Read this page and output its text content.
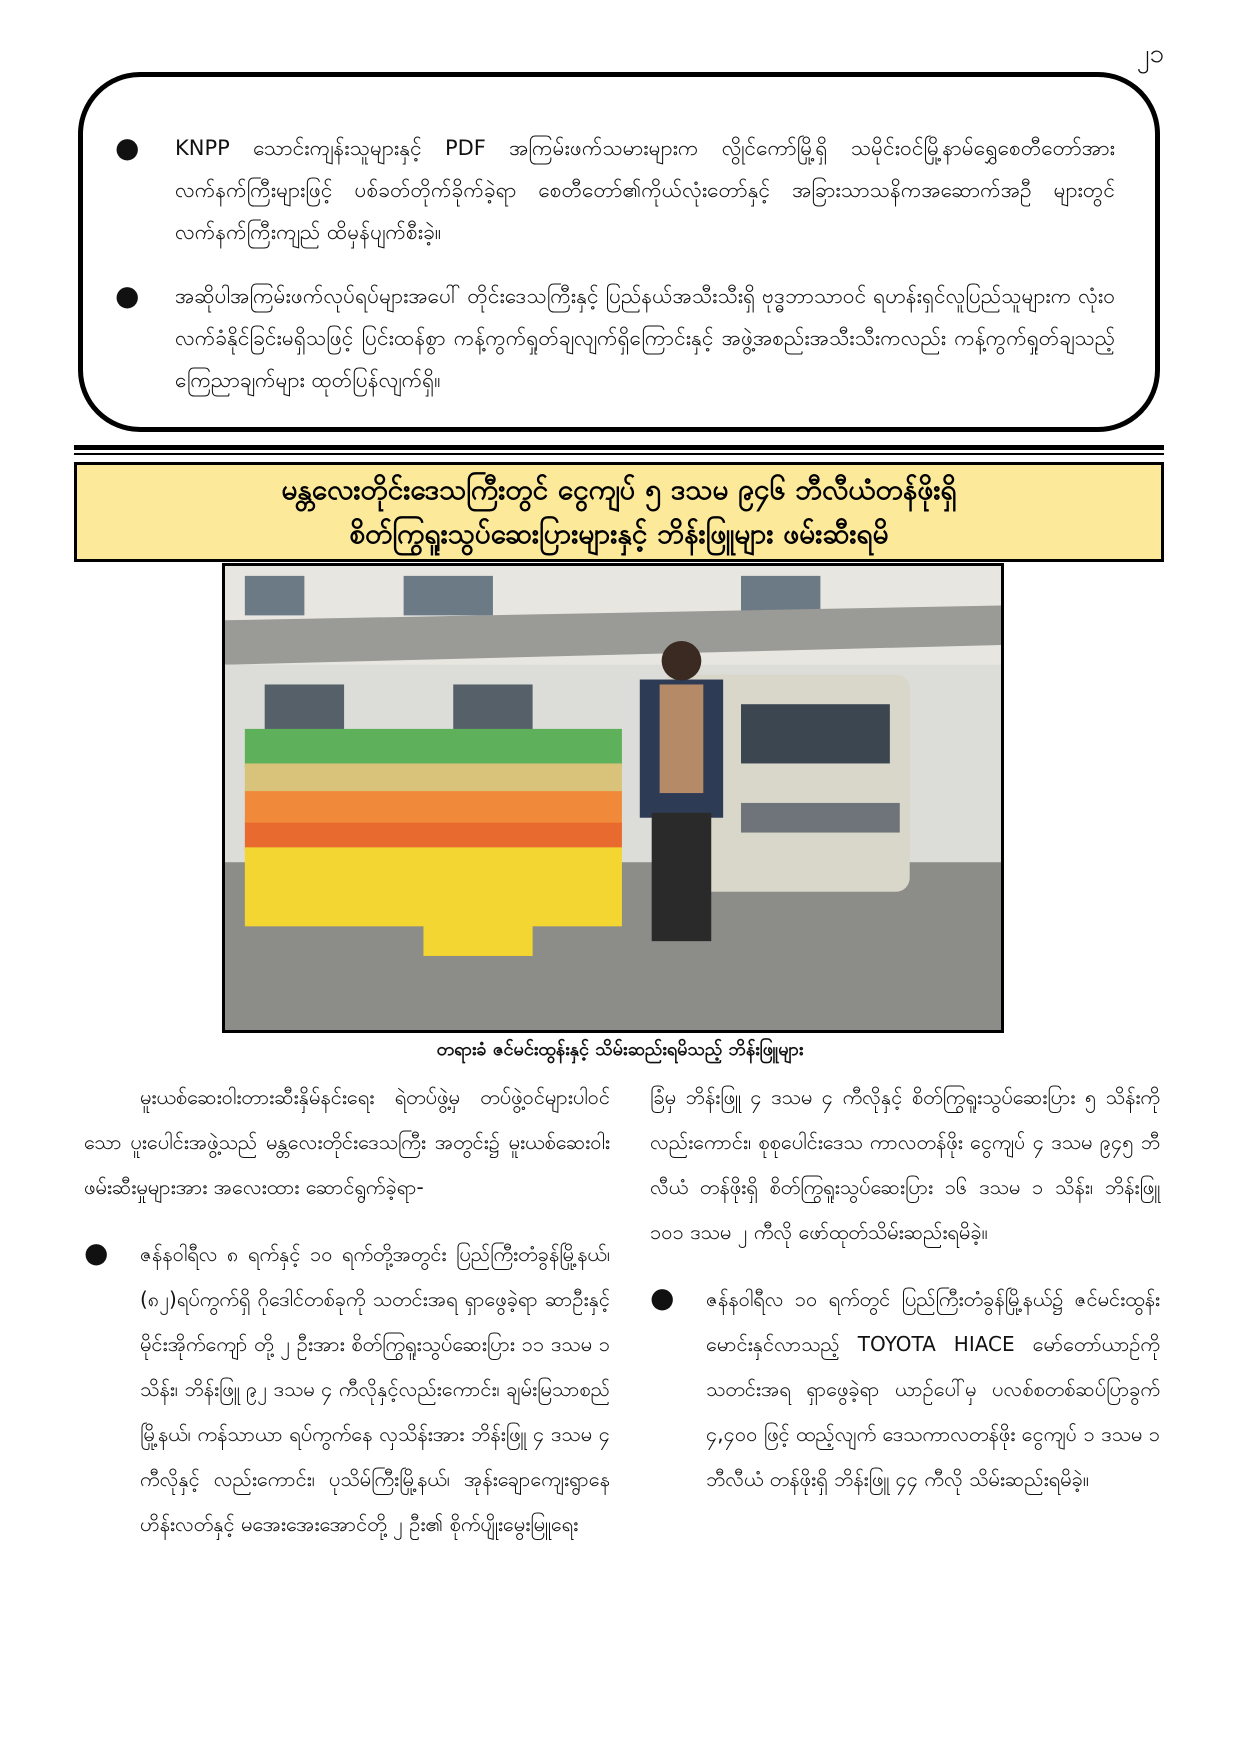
၂၁
● KNPP သောင်းကျန်းသူများနှင့် PDF အကြမ်းဖက်သမားများက လွိုင်ကော်မြို့ရှိ သမိုင်းဝင်မြို့နာမ်ရွှေစေတီတော်အား လက်နက်ကြီးများဖြင့် ပစ်ခတ်တိုက်ခိုက်ခဲ့ရာ စေတီတော်၏ကိုယ်လုံးတော်နှင့် အခြားသာသနိကအဆောက်အဦ များတွင် လက်နက်ကြီးကျည် ထိမှန်ပျက်စီးခဲ့။
● အဆိုပါအကြမ်းဖက်လုပ်ရပ်များအပေါ် တိုင်းဒေသကြီးနှင့် ပြည်နယ်အသီးသီးရှိ ဗုဒ္ဓဘာသာဝင် ရဟန်းရှင်လူပြည်သူများက လုံးဝလက်ခံနိုင်ခြင်းမရှိသဖြင့် ပြင်းထန်စွာ ကန့်ကွက်ရှုတ်ချလျက်ရှိကြောင်းနှင့် အဖွဲ့အစည်းအသီးသီးကလည်း ကန့်ကွက်ရှုတ်ချသည့် ကြေညာချက်များ ထုတ်ပြန်လျက်ရှိ။
မန္တလေးတိုင်းဒေသကြီးတွင် ငွေကျပ် ၅ ဒသမ ၉၄၆ ဘီလီယံတန်ဖိုးရှိ
စိတ်ကြွရူးသွပ်ဆေးပြားများနှင့် ဘိန်းဖြူများ ဖမ်းဆီးရမိ
တရားခံ ဇင်မင်းထွန်းနှင့် သိမ်းဆည်းရမိသည့် ဘိန်းဖြူများ

မူးယစ်ဆေးဝါးတားဆီးနှိမ်နင်းရေး ရဲတပ်ဖွဲ့မှ တပ်ဖွဲ့ဝင်များပါဝင်သော ပူးပေါင်းအဖွဲ့သည် မန္တလေးတိုင်းဒေသကြီး အတွင်း၌ မူးယစ်ဆေးဝါးဖမ်းဆီးမှုများအား အလေးထား ဆောင်ရွက်ခဲ့ရာ-

● ဇန်နဝါရီလ ၈ ရက်နှင့် ၁၀ ရက်တို့အတွင်း ပြည်ကြီးတံခွန်မြို့နယ်၊ (၈၂)ရပ်ကွက်ရှိ ဂိုဒေါင်တစ်ခုကို သတင်းအရ ရှာဖွေခဲ့ရာ ဆာဦးနှင့် မိုင်းအိုက်ကျော် တို့ ၂ ဦးအား စိတ်ကြွရူးသွပ်ဆေးပြား ၁၁ ဒသမ ၁ သိန်း၊ ဘိန်းဖြူ ၉၂ ဒသမ ၄ ကီလိုနှင့်လည်းကောင်း၊ ချမ်းမြသာစည်မြို့နယ်၊ ကန်သာယာ ရပ်ကွက်နေ လှသိန်းအား ဘိန်းဖြူ ၄ ဒသမ ၄ ကီလိုနှင့် လည်းကောင်း၊ ပုသိမ်ကြီးမြို့နယ်၊ အုန်းချောကျေးရွာနေ ဟိန်းလတ်နှင့် မအေးအေးအောင်တို့ ၂ ဦး၏ စိုက်ပျိုးမွေးမြူရေး

ခြံမှ ဘိန်းဖြူ ၄ ဒသမ ၄ ကီလိုနှင့် စိတ်ကြွရူးသွပ်ဆေးပြား ၅ သိန်းကိုလည်းကောင်း၊ စုစုပေါင်းဒေသ ကာလတန်ဖိုး ငွေကျပ် ၄ ဒသမ ၉၄၅ ဘီလီယံ တန်ဖိုးရှိ စိတ်ကြွရူးသွပ်ဆေးပြား ၁၆ ဒသမ ၁ သိန်း၊ ဘိန်းဖြူ ၁၀၁ ဒသမ ၂ ကီလို ဖော်ထုတ်သိမ်းဆည်းရမိခဲ့။

● ဇန်နဝါရီလ ၁၀ ရက်တွင် ပြည်ကြီးတံခွန်မြို့နယ်၌ ဇင်မင်းထွန်း မောင်းနှင်လာသည့် TOYOTA HIACE မော်တော်ယာဉ်ကို သတင်းအရ ရှာဖွေခဲ့ရာ ယာဉ်ပေါ်မှ ပလစ်စတစ်ဆပ်ပြာခွက် ၄,၄၀၀ ဖြင့် ထည့်လျက် ဒေသကာလတန်ဖိုး ငွေကျပ် ၁ ဒသမ ၁ ဘီလီယံ တန်ဖိုးရှိ ဘိန်းဖြူ ၄၄ ကီလို သိမ်းဆည်းရမိခဲ့။
